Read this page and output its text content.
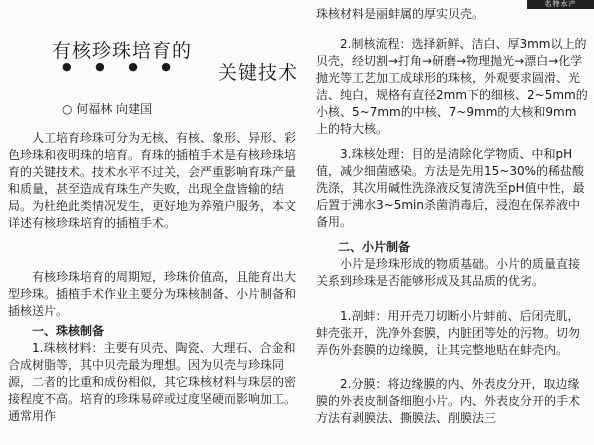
名特水产
有核珍珠培育的
● ● ● ● 关键技术
○ 何福林 向建国

人工培育珍珠可分为无核、有核、象形、异形、彩色珍珠和夜明珠的培育。育珠的插植手术是有核珍珠培育的关键技术。技术水平不过关，会严重影响育珠产量和质量，甚至造成育珠生产失败，出现全盘皆输的结局。为杜绝此类情况发生，更好地为养殖户服务，本文详述有核珍珠培育的插植手术。

有核珍珠培育的周期短，珍珠价值高，且能育出大型珍珠。插植手术作业主要分为珠核制备、小片制备和插核送片。

一、珠核制备

1.珠核材料：主要有贝壳、陶瓷、大理石、合金和合成树脂等，其中贝壳最为理想。因为贝壳与珍珠同源，二者的比重和成份相似，其它珠核材料与珠层的密接程度不高。培育的珍珠易碎或过度坚硬而影响加工。通常用作

珠核材料是丽蚌属的厚实贝壳。

2.制核流程：选择新鲜、洁白、厚3mm以上的贝壳，经切割→打角→研磨→物理抛光→漂白→化学抛光等工艺加工成球形的珠核，外观要求圆滑、光洁、纯白，规格有直径2mm下的细核、2~5mm的小核、5~7mm的中核、7~9mm的大核和9mm上的特大核。

3.珠核处理：目的是清除化学物质、中和pH值，减少细菌感染。方法是先用15~30%的稀盐酸洗涤，其次用碱性洗涤液反复清洗至pH值中性，最后置于沸水3~5min杀菌消毒后，浸泡在保养液中备用。

二、小片制备

小片是珍珠形成的物质基础。小片的质量直接关系到珍珠是否能够形成及其品质的优劣。

1.剖蚌：用开壳刀切断小片蚌前、后闭壳肌，蚌壳张开，洗净外套膜，内脏团等处的污物。切勿弄伤外套膜的边缘膜，让其完整地贴在蚌壳内。

2.分膜：将边缘膜的内、外表皮分开，取边缘膜的外表皮制备细胞小片。内、外表皮分开的手术方法有剥膜法、撕膜法、削膜法三
